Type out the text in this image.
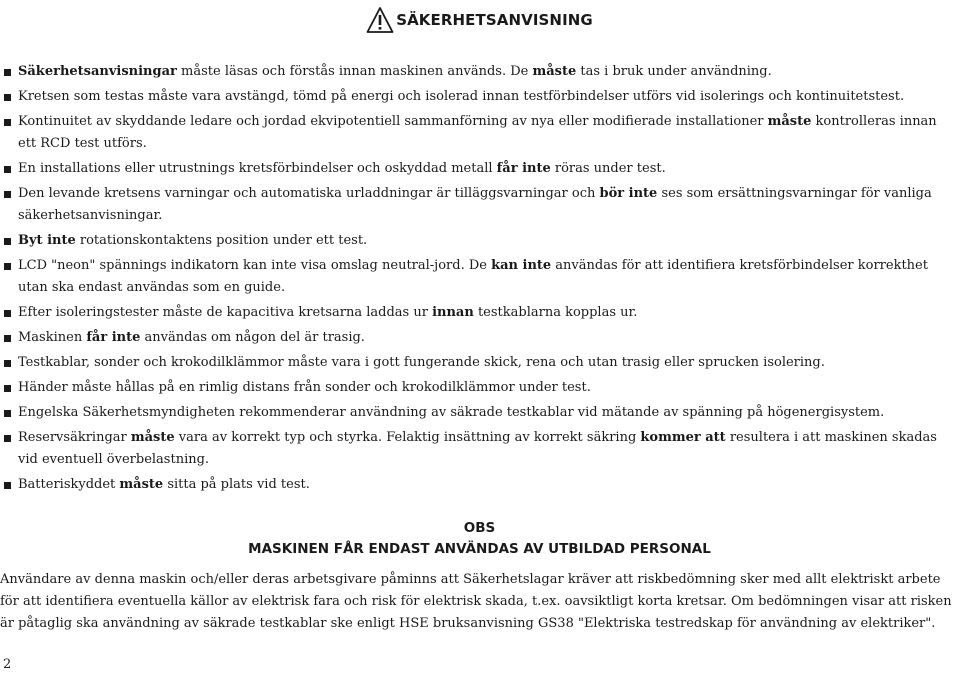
SÄKERHETSANVISNING
Säkerhetsanvisningar måste läsas och förstås innan maskinen används. De måste tas i bruk under användning.
Kretsen som testas måste vara avstängd, tömd på energi och isolerad innan testförbindelser utförs vid isolerings och kontinuitetstest.
Kontinuitet av skyddande ledare och jordad ekvipotentiell sammanförning av nya eller modifierade installationer måste kontrolleras innan ett RCD test utförs.
En installations eller utrustnings kretsförbindelser och oskyddad metall får inte röras under test.
Den levande kretsens varningar och automatiska urladdningar är tilläggsvarningar och bör inte ses som ersättningsvarningar för vanliga säkerhetsanvisningar.
Byt inte rotationskontaktens position under ett test.
LCD "neon" spännings indikatorn kan inte visa omslag neutral-jord. De kan inte användas för att identifiera kretsförbindelser korrekthet utan ska endast användas som en guide.
Efter isoleringstester måste de kapacitiva kretsarna laddas ur innan testkablarna kopplas ur.
Maskinen får inte användas om någon del är trasig.
Testkablar, sonder och krokodilklämmor måste vara i gott fungerande skick, rena och utan trasig eller sprucken isolering.
Händer måste hållas på en rimlig distans från sonder och krokodilklämmor under test.
Engelska Säkerhetsmyndigheten rekommenderar användning av säkrade testkablar vid mätande av spänning på högenergisystem.
Reservsäkringar måste vara av korrekt typ och styrka. Felaktig insättning av korrekt säkring kommer att resultera i att maskinen skadas vid eventuell överbelastning.
Batteriskyddet måste sitta på plats vid test.
OBS
MASKINEN FÅR ENDAST ANVÄNDAS AV UTBILDAD PERSONAL

Användare av denna maskin och/eller deras arbetsgivare påminns att Säkerhetslagar kräver att riskbedömning sker med allt elektriskt arbete för att identifiera eventuella källor av elektrisk fara och risk för elektrisk skada, t.ex. oavsiktligt korta kretsar. Om bedömningen visar att risken är påtaglig ska användning av säkrade testkablar ske enligt HSE bruksanvisning GS38 "Elektriska testredskap för användning av elektriker".

2
